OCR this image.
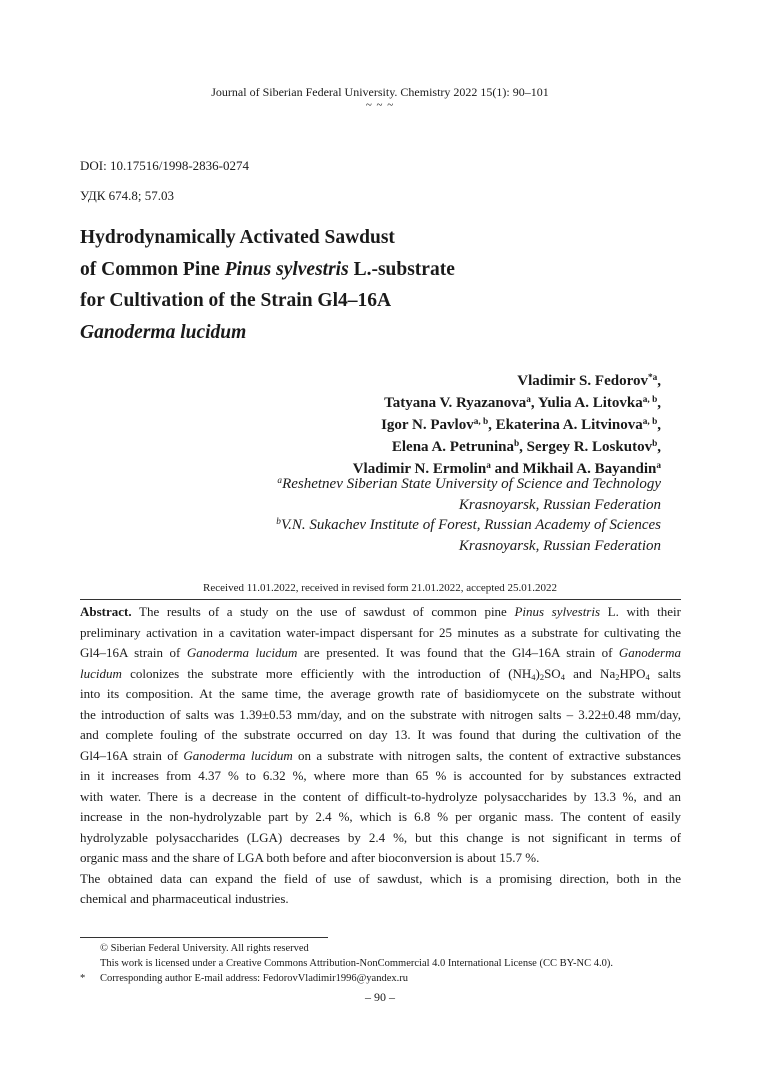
Journal of Siberian Federal University. Chemistry 2022 15(1): 90–101
~ ~ ~
DOI: 10.17516/1998-2836-0274
УДК 674.8; 57.03
Hydrodynamically Activated Sawdust
of Common Pine Pinus sylvestris L.-substrate
for Cultivation of the Strain Gl4–16A
Ganoderma lucidum
Vladimir S. Fedorov$^{*a}$,
Tatyana V. Ryazanova$^a$, Yulia A. Litovka$^{a, b}$,
Igor N. Pavlov$^{a, b}$, Ekaterina A. Litvinova$^{a, b}$,
Elena A. Petrunina$^b$, Sergey R. Loskutov$^b$,
Vladimir N. Ermolin$^a$ and Mikhail A. Bayandin$^a$
$^a$Reshetnev Siberian State University of Science and Technology
Krasnoyarsk, Russian Federation
$^b$V.N. Sukachev Institute of Forest, Russian Academy of Sciences
Krasnoyarsk, Russian Federation
Received 11.01.2022, received in revised form 21.01.2022, accepted 25.01.2022
Abstract. The results of a study on the use of sawdust of common pine Pinus sylvestris L. with their
preliminary activation in a cavitation water-impact dispersant for 25 minutes as a substrate for cultivating the
Gl4–16A strain of Ganoderma lucidum are presented. It was found that the Gl4–16A strain of Ganoderma
lucidum colonizes the substrate more efficiently with the introduction of $(NH_4)_2SO_4$ and $Na_2HPO_4$ salts
into its composition. At the same time, the average growth rate of basidiomycete on the substrate without
the introduction of salts was 1.39±0.53 mm/day, and on the substrate with nitrogen salts – 3.22±0.48 mm/day,
and complete fouling of the substrate occurred on day 13. It was found that during the cultivation of the
Gl4–16A strain of Ganoderma lucidum on a substrate with nitrogen salts, the content of extractive substances
in it increases from 4.37 % to 6.32 %, where more than 65 % is accounted for by substances extracted
with water. There is a decrease in the content of difficult-to-hydrolyze polysaccharides by 13.3 %, and an
increase in the non-hydrolyzable part by 2.4 %, which is 6.8 % per organic mass. The content of easily
hydrolyzable polysaccharides (LGA) decreases by 2.4 %, but this change is not significant in terms of
organic mass and the share of LGA both before and after bioconversion is about 15.7 %.
The obtained data can expand the field of use of sawdust, which is a promising direction, both in the
chemical and pharmaceutical industries.
© Siberian Federal University. All rights reserved
This work is licensed under a Creative Commons Attribution-NonCommercial 4.0 International License (CC BY-NC 4.0).
*	Corresponding author E-mail address: FedorovVladimir1996@yandex.ru
– 90 –
